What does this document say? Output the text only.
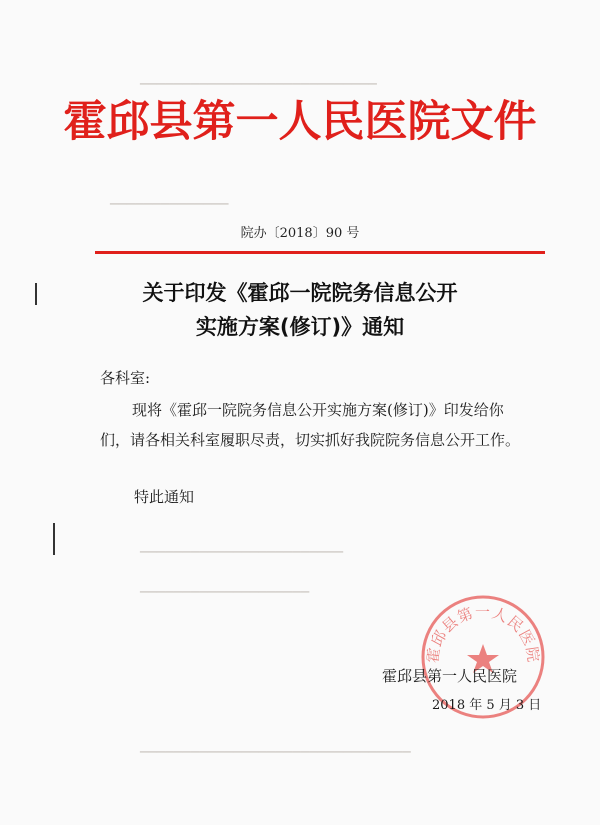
▁▁▁▁▁▁▁▁▁▁▁▁▁▁▁▁▁▁▁▁▁▁▁▁▁▁▁▁
▁▁▁▁▁▁▁▁▁▁▁▁▁▁
▁▁▁▁▁▁▁▁▁▁▁▁▁▁▁▁▁▁▁▁▁▁▁▁
▁▁▁▁▁▁▁▁▁▁▁▁▁▁▁▁▁▁▁▁
▁▁▁▁▁▁▁▁▁▁▁▁▁▁▁▁▁▁▁▁▁▁▁▁▁▁▁▁▁▁▁▁
霍邱县第一人民医院文件
院办〔2018〕90 号
关于印发《霍邱一院院务信息公开
实施方案(修订)》通知
各科室:
现将《霍邱一院院务信息公开实施方案(修订)》印发给你
们，请各相关科室履职尽责，切实抓好我院院务信息公开工作。
特此通知
霍邱县第一人民医院
霍邱县第一人民医院
2018 年 5 月 3 日
